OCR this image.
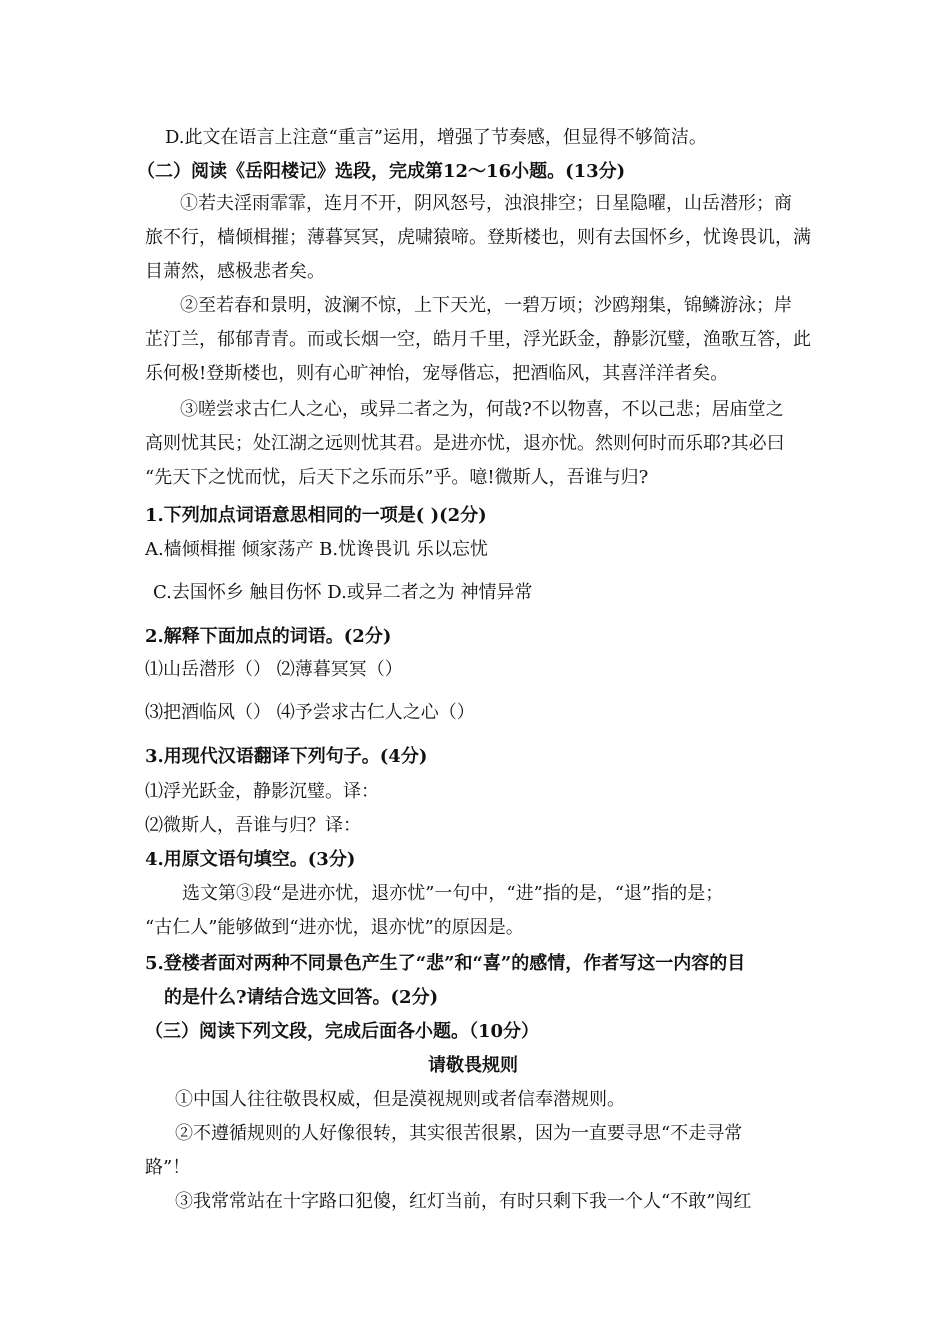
D.此文在语言上注意“重言”运用，增强了节奏感，但显得不够简洁。

（二）阅读《岳阳楼记》选段，完成第12～16小题。(13分)

①若夫淫雨霏霏，连月不开，阴风怒号，浊浪排空；日星隐曜，山岳潜形；商

旅不行，樯倾楫摧；薄暮冥冥，虎啸猿啼。登斯楼也，则有去国怀乡，忧谗畏讥，满

目萧然，感极悲者矣。

②至若春和景明，波澜不惊，上下天光，一碧万顷；沙鸥翔集，锦鳞游泳；岸

芷汀兰，郁郁青青。而或长烟一空，皓月千里，浮光跃金，静影沉璧，渔歌互答，此

乐何极!登斯楼也，则有心旷神怡，宠辱偕忘，把酒临风，其喜洋洋者矣。

③嗟尝求古仁人之心，或异二者之为，何哉?不以物喜，不以己悲；居庙堂之

高则忧其民；处江湖之远则忧其君。是进亦忧，退亦忧。然则何时而乐耶?其必曰

“先天下之忧而忧，后天下之乐而乐”乎。噫!微斯人，吾谁与归?

1.下列加点词语意思相同的一项是( )(2分)

A.樯倾楫摧 倾家荡产 B.忧谗畏讥 乐以忘忧

C.去国怀乡 触目伤怀 D.或异二者之为 神情异常

2.解释下面加点的词语。(2分)

⑴山岳潜形（） ⑵薄暮冥冥（）

⑶把酒临风（） ⑷予尝求古仁人之心（）

3.用现代汉语翻译下列句子。(4分)

⑴浮光跃金，静影沉璧。译：

⑵微斯人，吾谁与归？译：

4.用原文语句填空。(3分)

选文第③段“是进亦忧，退亦忧”一句中，“进”指的是，“退”指的是；

“古仁人”能够做到“进亦忧，退亦忧”的原因是。

5.登楼者面对两种不同景色产生了“悲”和“喜”的感情，作者写这一内容的目

的是什么?请结合选文回答。(2分)

（三）阅读下列文段，完成后面各小题。（10分）

请敬畏规则

①中国人往往敬畏权威，但是漠视规则或者信奉潜规则。

②不遵循规则的人好像很转，其实很苦很累，因为一直要寻思“不走寻常

路”！

③我常常站在十字路口犯傻，红灯当前，有时只剩下我一个人“不敢”闯红
